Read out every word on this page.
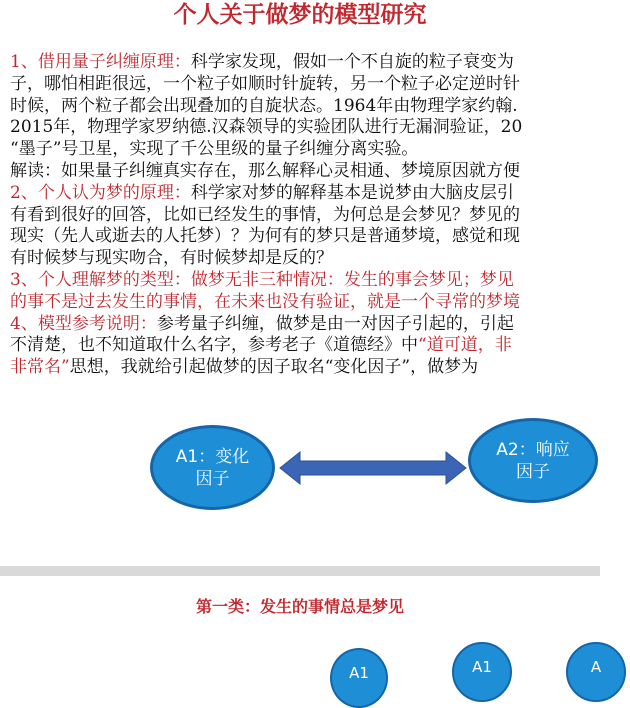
个人关于做梦的模型研究
1、借用量子纠缠原理：科学家发现，假如一个不自旋的粒子衰变为
子，哪怕相距很远，一个粒子如顺时针旋转，另一个粒子必定逆时针
时候，两个粒子都会出现叠加的自旋状态。1964年由物理学家约翰.
2015年，物理学家罗纳德.汉森领导的实验团队进行无漏洞验证，20
“墨子”号卫星，实现了千公里级的量子纠缠分离实验。
解读：如果量子纠缠真实存在，那么解释心灵相通、梦境原因就方便
2、个人认为梦的原理：科学家对梦的解释基本是说梦由大脑皮层引
有看到很好的回答，比如已经发生的事情，为何总是会梦见？梦见的
现实（先人或逝去的人托梦）？为何有的梦只是普通梦境，感觉和现
有时候梦与现实吻合，有时候梦却是反的？
3、个人理解梦的类型：做梦无非三种情况：发生的事会梦见；梦见
的事不是过去发生的事情，在未来也没有验证，就是一个寻常的梦境
4、模型参考说明：参考量子纠缠，做梦是由一对因子引起的，引起
不清楚，也不知道取什么名字，参考老子《道德经》中“道可道，非
非常名”思想，我就给引起做梦的因子取名“变化因子”，做梦为
A1：变化因子
A2：响应因子
第一类：发生的事情总是梦见
A1	A1	A
